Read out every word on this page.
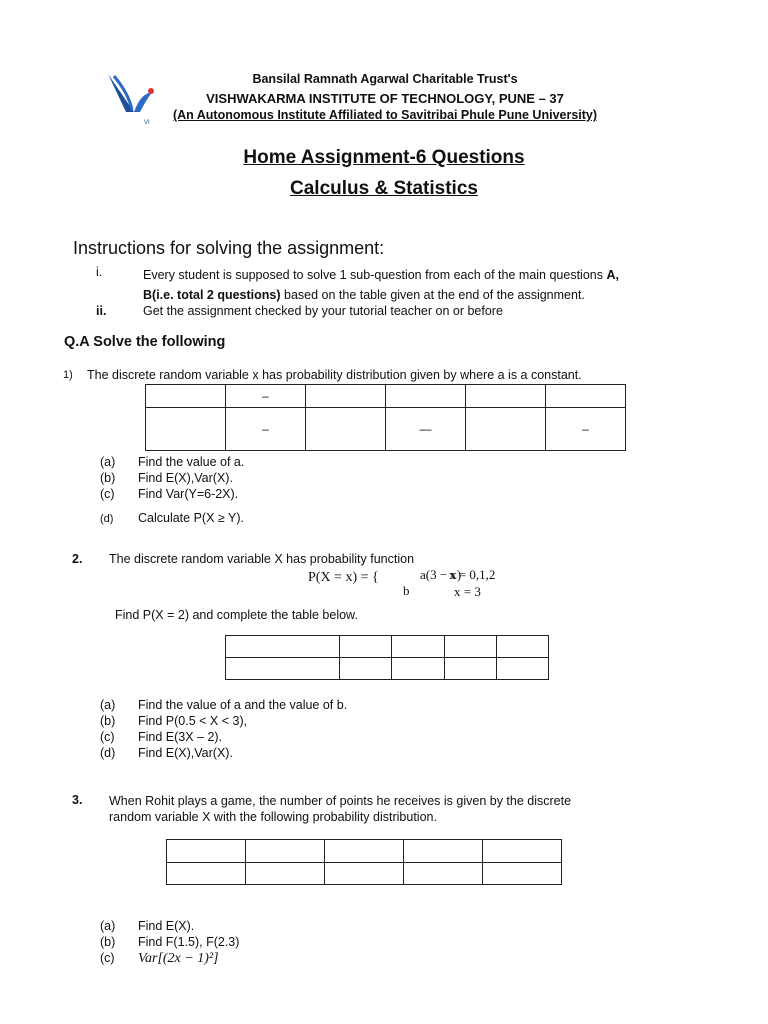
VI
Bansilal Ramnath Agarwal Charitable Trust's
VISHWAKARMA INSTITUTE OF TECHNOLOGY, PUNE – 37
(An Autonomous Institute Affiliated to Savitribai Phule Pune University)
Home Assignment-6 Questions
Calculus & Statistics
Instructions for solving the assignment:
i.	Every student is supposed to solve 1 sub-question from each of the main questions A,
B(i.e. total 2 questions) based on the table given at the end of the assignment.
ii.	Get the assignment checked by your tutorial teacher on or before
Q.A Solve the following
1) The discrete random variable x has probability distribution given by where a is a constant.
	–				
	–		—		–
(a) Find the value of a.
(b) Find E(X),Var(X).
(c) Find Var(Y=6-2X).
(d) Calculate P(X ≥ Y).
2. The discrete random variable X has probability function
P(X = x) = {	a(3 − x)
x = 0,1,2
b	x = 3
Find P(X = 2) and complete the table below.

(a) Find the value of a and the value of b.
(b) Find P(0.5 < X < 3),
(c) Find E(3X – 2).
(d) Find E(X),Var(X).
3. When Rohit plays a game, the number of points he receives is given by the discrete
random variable X with the following probability distribution.

(a) Find E(X).
(b) Find F(1.5), F(2.3)
(c) Var[(2x − 1)²]
